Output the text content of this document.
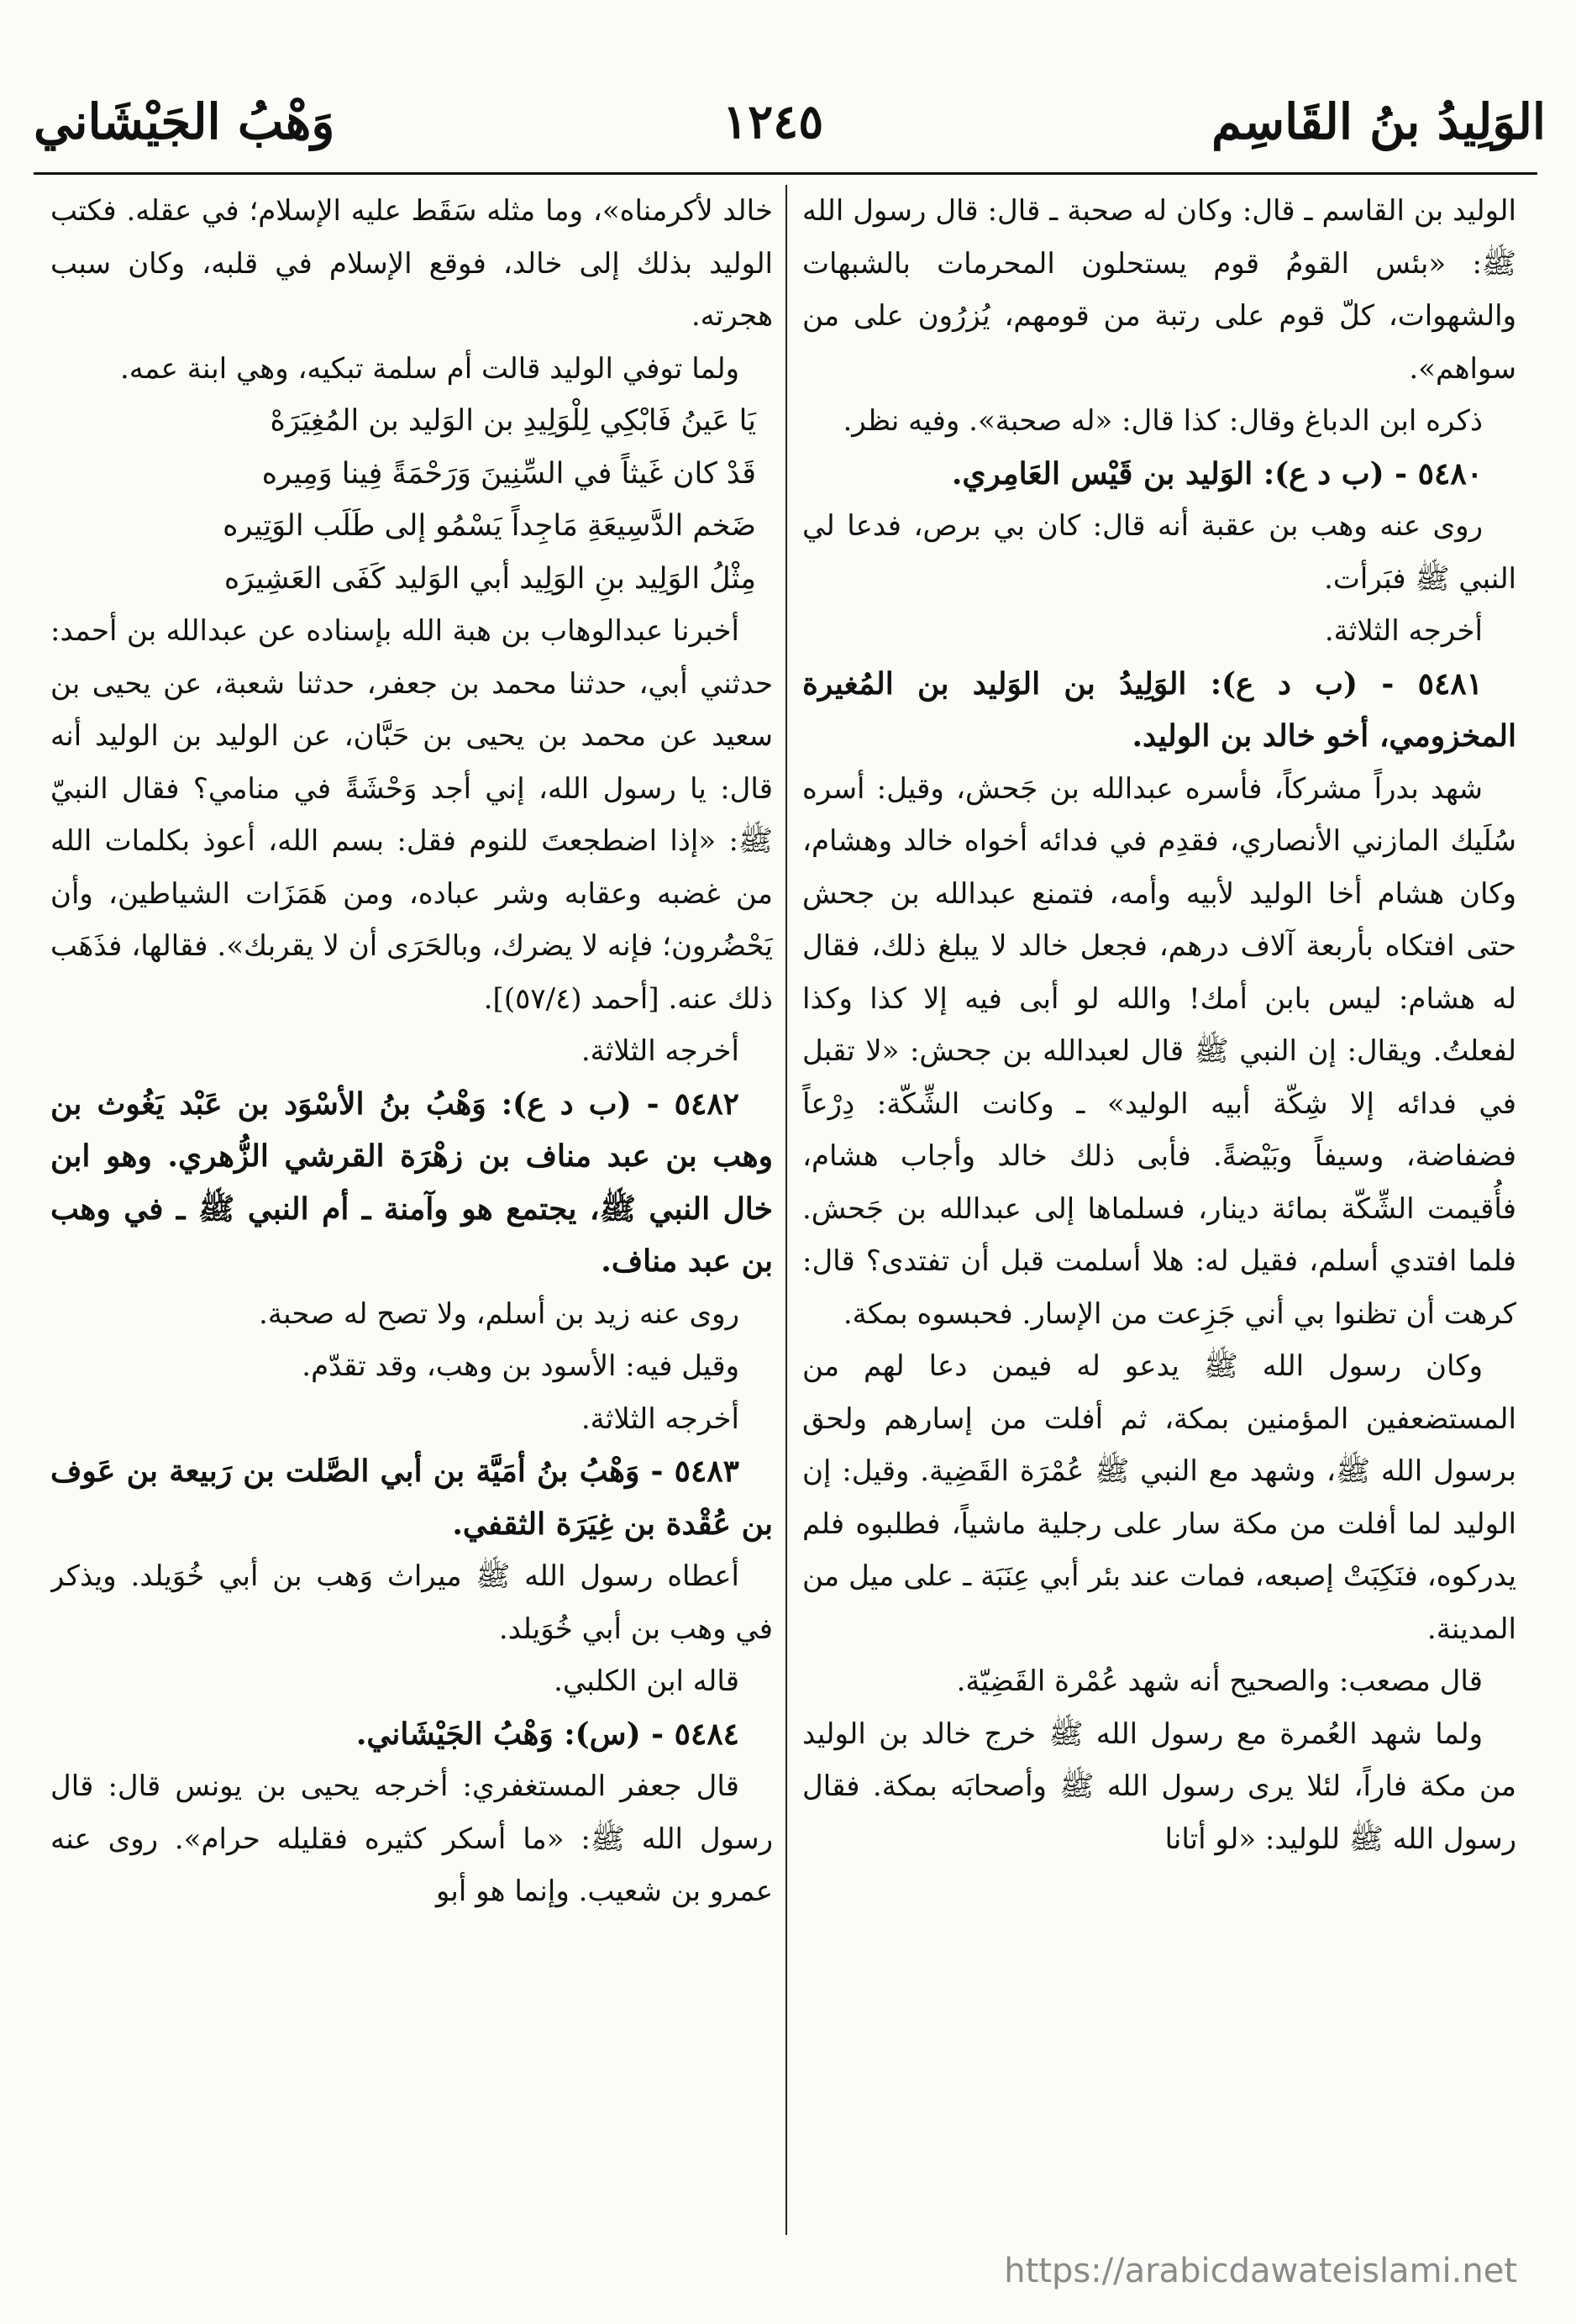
الوَلِيدُ بنُ القَاسِم
١٢٤٥
وَهْبُ الجَيْشَاني

الوليد بن القاسم ـ قال: وكان له صحبة ـ قال: قال رسول الله ﷺ: «بئس القومُ قوم يستحلون المحرمات بالشبهات والشهوات، كلّ قوم على رتبة من قومهم، يُزرُون على من سواهم».

ذكره ابن الدباغ وقال: كذا قال: «له صحبة». وفيه نظر.

٥٤٨٠ - (ب د ع): الوَليد بن قَيْس العَامِري.

روى عنه وهب بن عقبة أنه قال: كان بي برص، فدعا لي النبي ﷺ فبَرأت.

أخرجه الثلاثة.

٥٤٨١ - (ب د ع): الوَلِيدُ بن الوَليد بن المُغيرة المخزومي، أخو خالد بن الوليد.

شهد بدراً مشركاً، فأسره عبدالله بن جَحش، وقيل: أسره سُلَيك المازني الأنصاري، فقدِم في فدائه أخواه خالد وهشام، وكان هشام أخا الوليد لأبيه وأمه، فتمنع عبدالله بن جحش حتى افتكاه بأربعة آلاف درهم، فجعل خالد لا يبلغ ذلك، فقال له هشام: ليس بابن أمك! والله لو أبى فيه إلا كذا وكذا لفعلتُ. ويقال: إن النبي ﷺ قال لعبدالله بن جحش: «لا تقبل في فدائه إلا شِكّة أبيه الوليد» ـ وكانت الشِّكّة: دِرْعاً فضفاضة، وسيفاً وبَيْضةً. فأبى ذلك خالد وأجاب هشام، فأُقيمت الشِّكّة بمائة دينار، فسلماها إلى عبدالله بن جَحش. فلما افتدي أسلم، فقيل له: هلا أسلمت قبل أن تفتدى؟ قال: كرهت أن تظنوا بي أني جَزِعت من الإسار. فحبسوه بمكة.

وكان رسول الله ﷺ يدعو له فيمن دعا لهم من المستضعفين المؤمنين بمكة، ثم أفلت من إسارهم ولحق برسول الله ﷺ، وشهد مع النبي ﷺ عُمْرَة القَضِية. وقيل: إن الوليد لما أفلت من مكة سار على رجلية ماشياً، فطلبوه فلم يدركوه، فنَكِبَتْ إصبعه، فمات عند بئر أبي عِنَبَة ـ على ميل من المدينة.

قال مصعب: والصحيح أنه شهد عُمْرة القَضِيّة.

ولما شهد العُمرة مع رسول الله ﷺ خرج خالد بن الوليد من مكة فاراً، لئلا يرى رسول الله ﷺ وأصحابَه بمكة. فقال رسول الله ﷺ للوليد: «لو أتانا

خالد لأكرمناه»، وما مثله سَقَط عليه الإسلام؛ في عقله. فكتب الوليد بذلك إلى خالد، فوقع الإسلام في قلبه، وكان سبب هجرته.

ولما توفي الوليد قالت أم سلمة تبكيه، وهي ابنة عمه.

يَا عَينُ فَابْكِي لِلْوَلِيدِ بن الوَليد بن المُغِيَرَهْ

قَدْ كان غَيثاً في السِّنِينَ وَرَحْمَةً فِينا وَمِيره

ضَخم الدَّسِيعَةِ مَاجِداً يَسْمُو إلى طَلَب الوَتِيره

مِثْلُ الوَلِيد بنِ الوَلِيد أبي الوَليد كَفَى العَشِيرَه

أخبرنا عبدالوهاب بن هبة الله بإسناده عن عبدالله بن أحمد: حدثني أبي، حدثنا محمد بن جعفر، حدثنا شعبة، عن يحيى بن سعيد عن محمد بن يحيى بن حَبَّان، عن الوليد بن الوليد أنه قال: يا رسول الله، إني أجد وَحْشَةً في منامي؟ فقال النبيّ ﷺ: «إذا اضطجعتَ للنوم فقل: بسم الله، أعوذ بكلمات الله من غضبه وعقابه وشر عباده، ومن هَمَزَات الشياطين، وأن يَحْضُرون؛ فإنه لا يضرك، وبالحَرَى أن لا يقربك». فقالها، فذَهَب ذلك عنه. [أحمد (٥٧/٤)].

أخرجه الثلاثة.

٥٤٨٢ - (ب د ع): وَهْبُ بنُ الأسْوَد بن عَبْد يَغُوث بن وهب بن عبد مناف بن زهْرَة القرشي الزُّهري. وهو ابن خال النبي ﷺ، يجتمع هو وآمنة ـ أم النبي ﷺ ـ في وهب بن عبد مناف.

روى عنه زيد بن أسلم، ولا تصح له صحبة.

وقيل فيه: الأسود بن وهب، وقد تقدّم.

أخرجه الثلاثة.

٥٤٨٣ - وَهْبُ بنُ أمَيَّة بن أبي الصَّلت بن رَبيعة بن عَوف بن عُقْدة بن غِيَرَة الثقفي.

أعطاه رسول الله ﷺ ميراث وَهب بن أبي خُوَيلد. ويذكر في وهب بن أبي خُوَيلد.

قاله ابن الكلبي.

٥٤٨٤ - (س): وَهْبُ الجَيْشَاني.

قال جعفر المستغفري: أخرجه يحيى بن يونس قال: قال رسول الله ﷺ: «ما أسكر كثيره فقليله حرام». روى عنه عمرو بن شعيب. وإنما هو أبو

https://arabicdawateislami.net
